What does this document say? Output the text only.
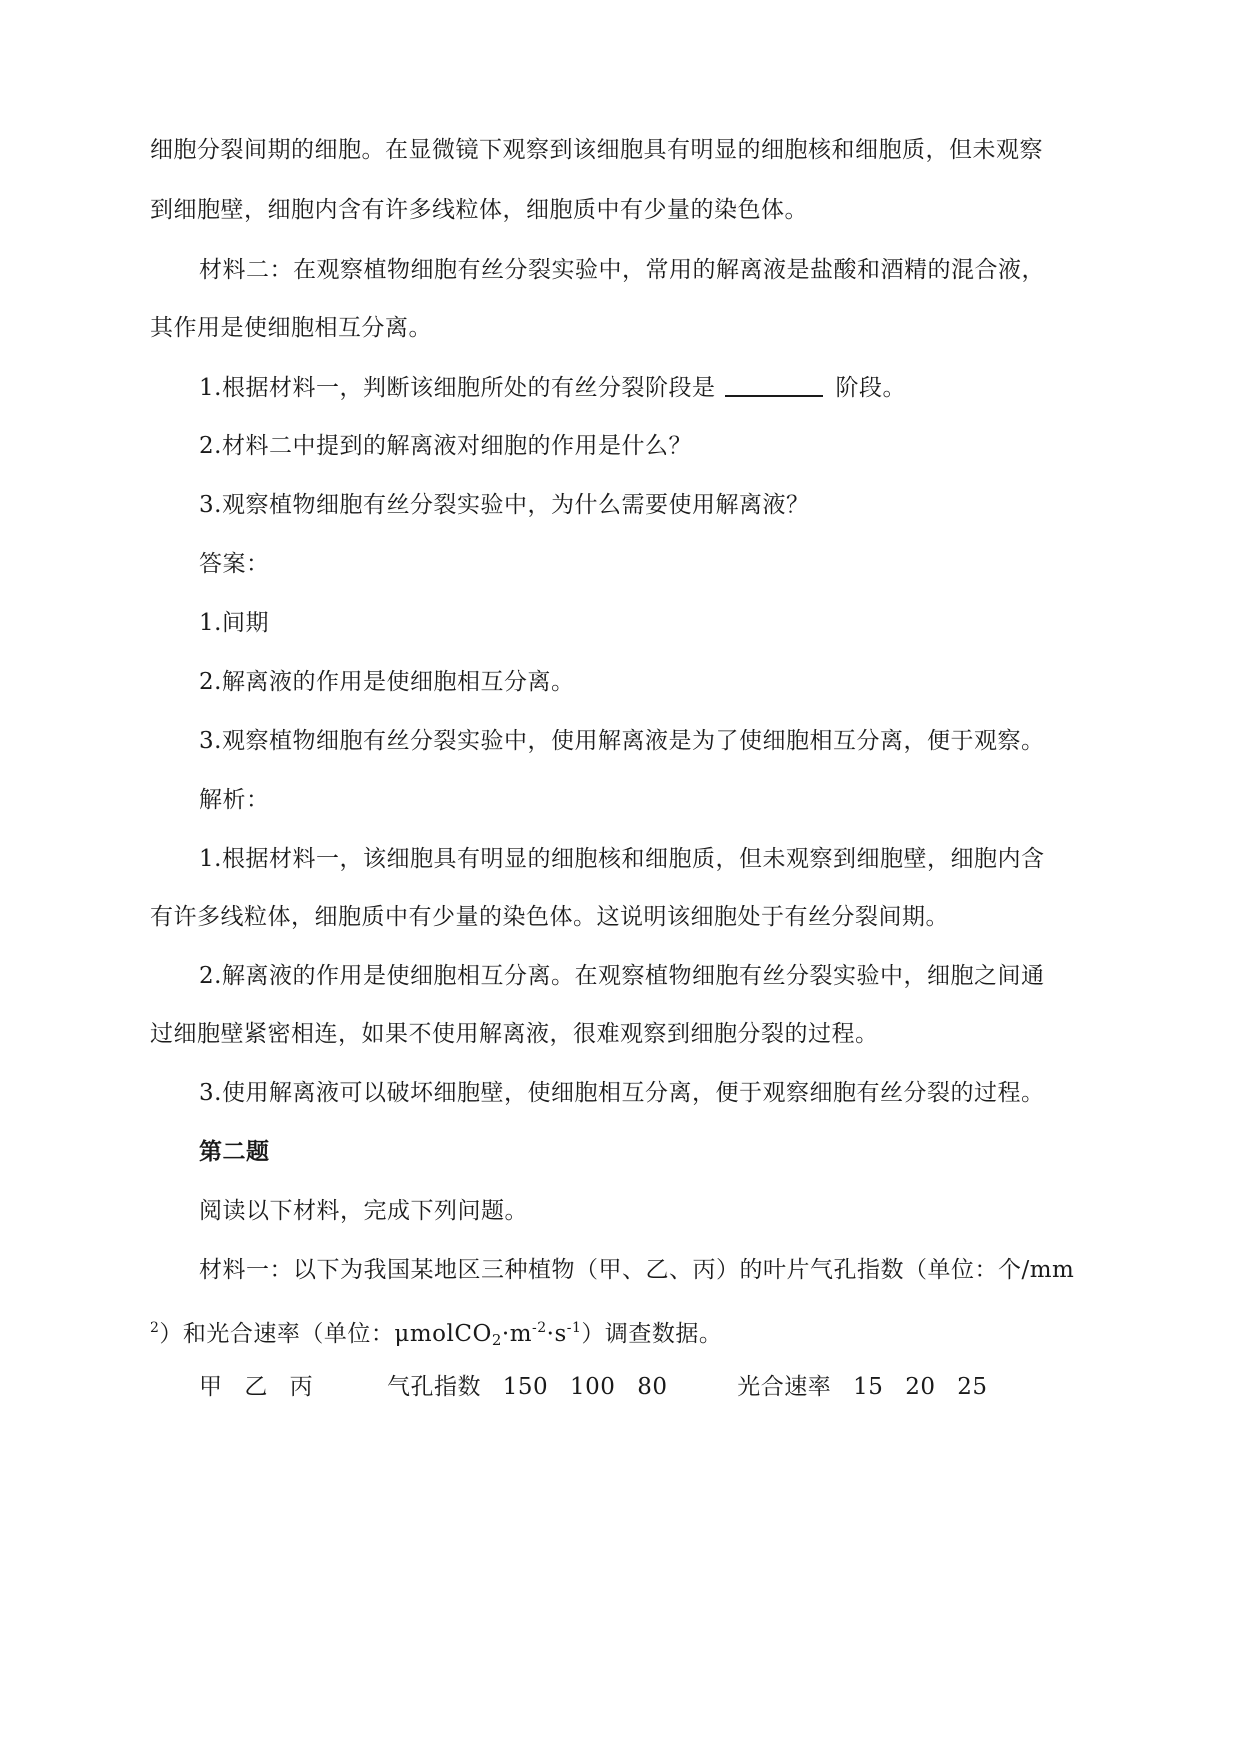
细胞分裂间期的细胞。在显微镜下观察到该细胞具有明显的细胞核和细胞质，但未观察
到细胞壁，细胞内含有许多线粒体，细胞质中有少量的染色体。
材料二：在观察植物细胞有丝分裂实验中，常用的解离液是盐酸和酒精的混合液，
其作用是使细胞相互分离。
1.根据材料一，判断该细胞所处的有丝分裂阶段是	阶段。
2.材料二中提到的解离液对细胞的作用是什么？
3.观察植物细胞有丝分裂实验中，为什么需要使用解离液？
答案：
1.间期
2.解离液的作用是使细胞相互分离。
3.观察植物细胞有丝分裂实验中，使用解离液是为了使细胞相互分离，便于观察。
解析：
1.根据材料一，该细胞具有明显的细胞核和细胞质，但未观察到细胞壁，细胞内含
有许多线粒体，细胞质中有少量的染色体。这说明该细胞处于有丝分裂间期。
2.解离液的作用是使细胞相互分离。在观察植物细胞有丝分裂实验中，细胞之间通
过细胞壁紧密相连，如果不使用解离液，很难观察到细胞分裂的过程。
3.使用解离液可以破坏细胞壁，使细胞相互分离，便于观察细胞有丝分裂的过程。
第二题
阅读以下材料，完成下列问题。
材料一：以下为我国某地区三种植物（甲、乙、丙）的叶片气孔指数（单位：个/mm
$^2$）和光合速率（单位：$\mu molCO_2\cdot m^{-2}\cdot s^{-1}$）调查数据。
甲 乙 丙	气孔指数 150 100 80	光合速率 15 20 25
